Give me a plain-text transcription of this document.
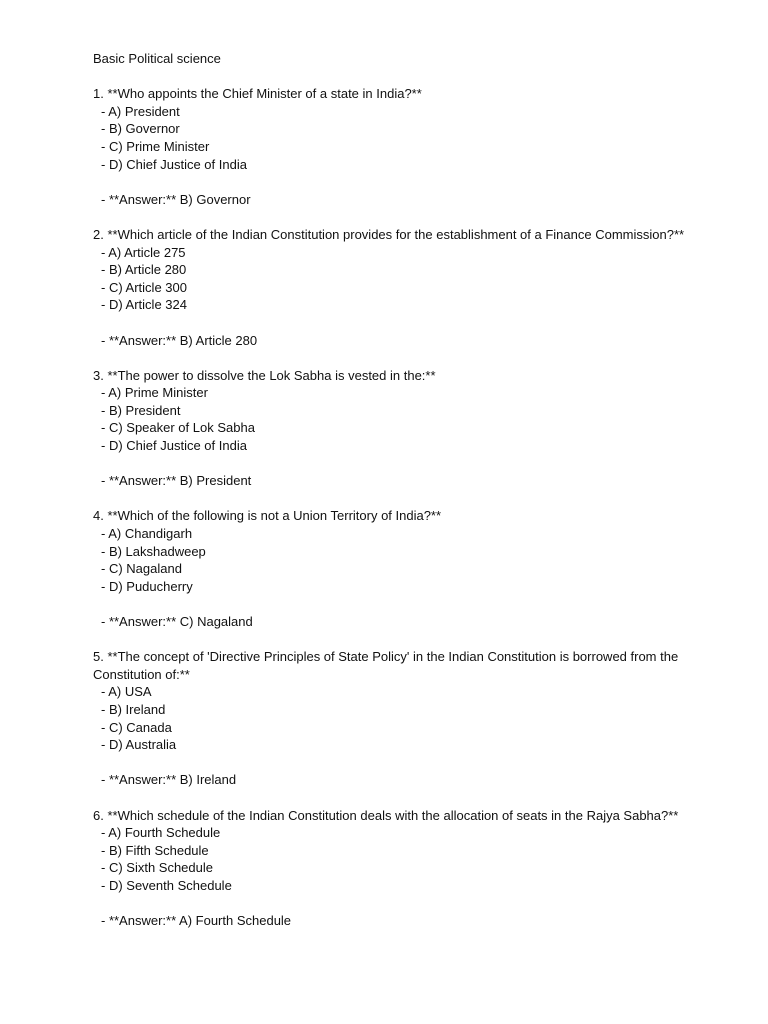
Basic Political science
1. **Who appoints the Chief Minister of a state in India?**
- A) President
- B) Governor
- C) Prime Minister
- D) Chief Justice of India
- **Answer:** B) Governor
2. **Which article of the Indian Constitution provides for the establishment of a Finance Commission?**
- A) Article 275
- B) Article 280
- C) Article 300
- D) Article 324
- **Answer:** B) Article 280
3. **The power to dissolve the Lok Sabha is vested in the:**
- A) Prime Minister
- B) President
- C) Speaker of Lok Sabha
- D) Chief Justice of India
- **Answer:** B) President
4. **Which of the following is not a Union Territory of India?**
- A) Chandigarh
- B) Lakshadweep
- C) Nagaland
- D) Puducherry
- **Answer:** C) Nagaland
5. **The concept of 'Directive Principles of State Policy' in the Indian Constitution is borrowed from the Constitution of:**
- A) USA
- B) Ireland
- C) Canada
- D) Australia
- **Answer:** B) Ireland
6. **Which schedule of the Indian Constitution deals with the allocation of seats in the Rajya Sabha?**
- A) Fourth Schedule
- B) Fifth Schedule
- C) Sixth Schedule
- D) Seventh Schedule
- **Answer:** A) Fourth Schedule
